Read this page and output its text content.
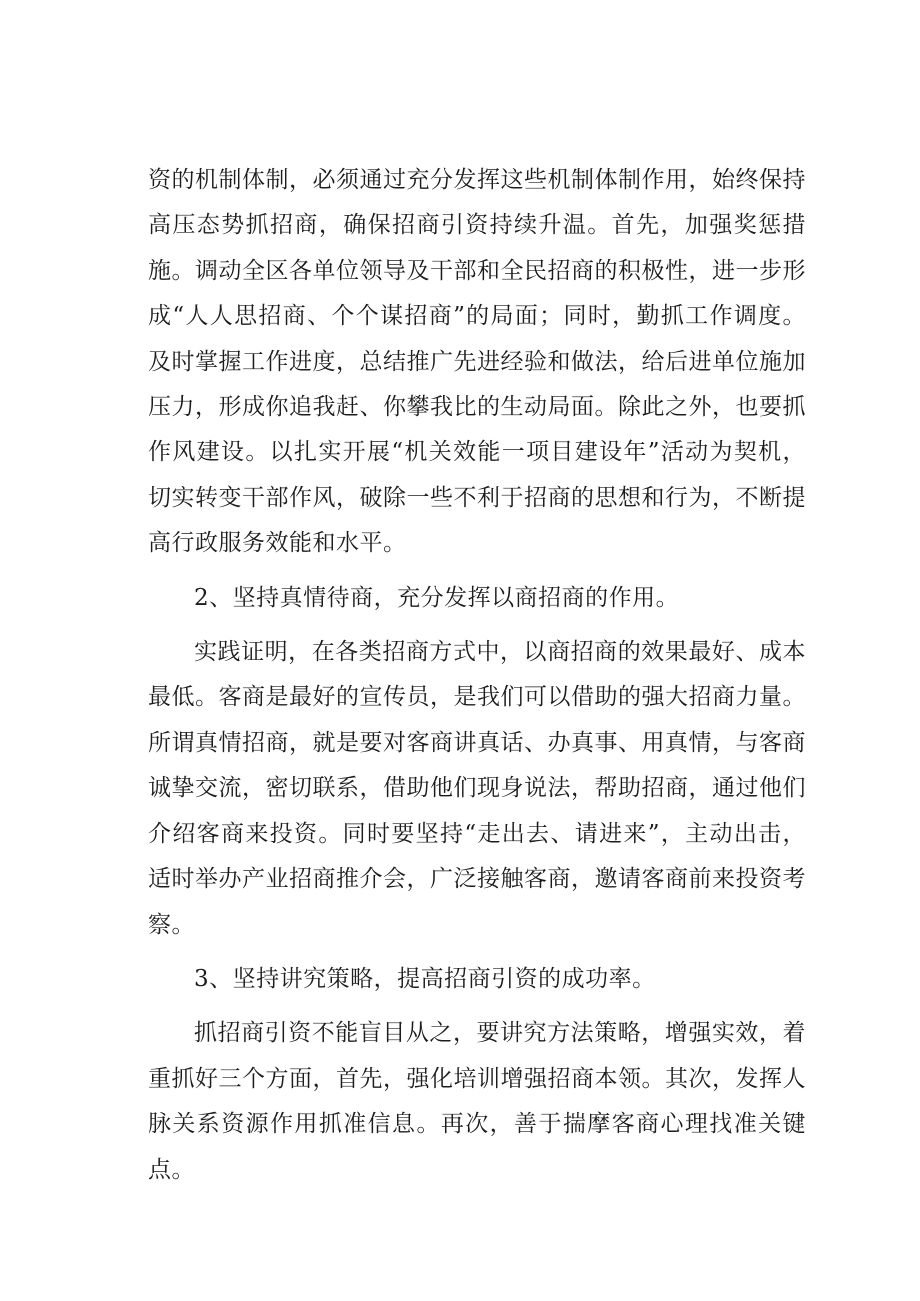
资的机制体制，必须通过充分发挥这些机制体制作用，始终保持高压态势抓招商，确保招商引资持续升温。首先，加强奖惩措施。调动全区各单位领导及干部和全民招商的积极性，进一步形成“人人思招商、个个谋招商”的局面；同时，勤抓工作调度。及时掌握工作进度，总结推广先进经验和做法，给后进单位施加压力，形成你追我赶、你攀我比的生动局面。除此之外，也要抓作风建设。以扎实开展“机关效能一项目建设年”活动为契机，切实转变干部作风，破除一些不利于招商的思想和行为，不断提高行政服务效能和水平。

2、坚持真情待商，充分发挥以商招商的作用。

实践证明，在各类招商方式中，以商招商的效果最好、成本最低。客商是最好的宣传员，是我们可以借助的强大招商力量。所谓真情招商，就是要对客商讲真话、办真事、用真情，与客商诚挚交流，密切联系，借助他们现身说法，帮助招商，通过他们介绍客商来投资。同时要坚持“走出去、请进来”，主动出击，适时举办产业招商推介会，广泛接触客商，邀请客商前来投资考察。

3、坚持讲究策略，提高招商引资的成功率。

抓招商引资不能盲目从之，要讲究方法策略，增强实效，着重抓好三个方面，首先，强化培训增强招商本领。其次，发挥人脉关系资源作用抓准信息。再次，善于揣摩客商心理找准关键点。
